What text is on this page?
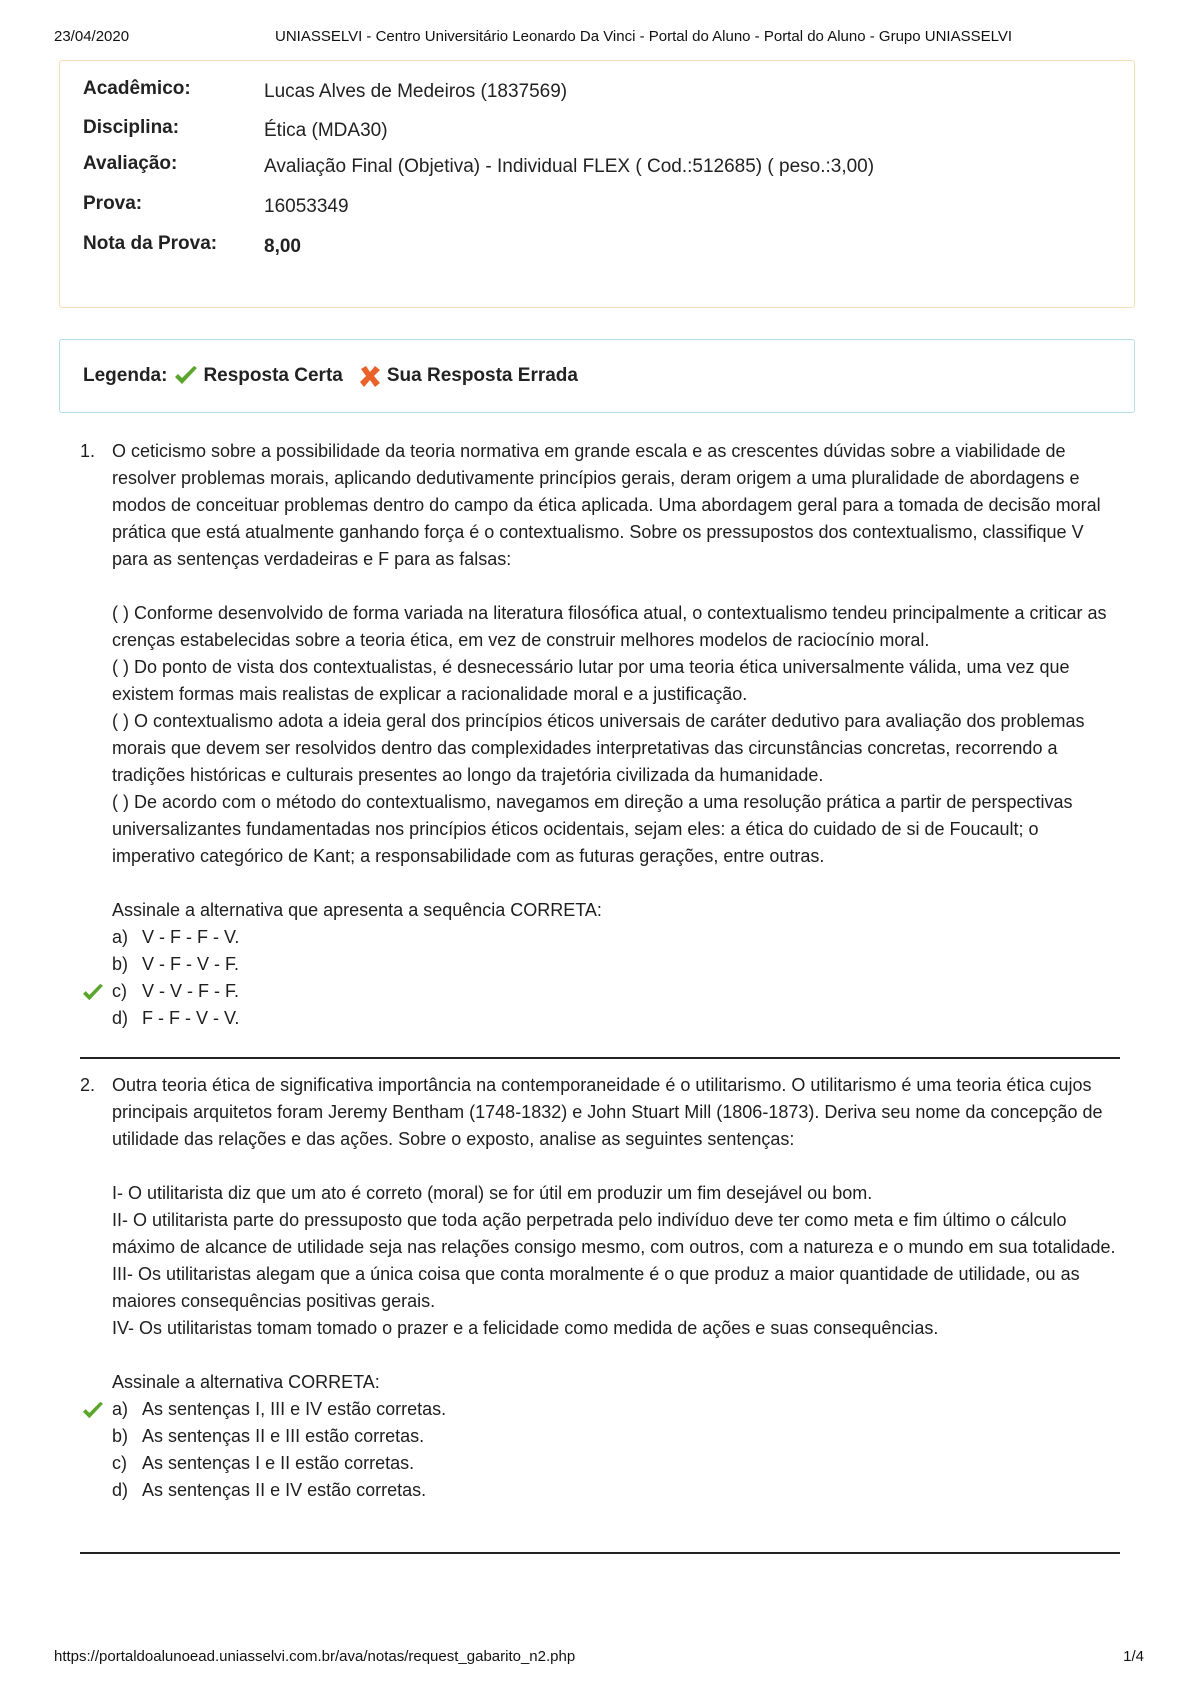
23/04/2020	UNIASSELVI - Centro Universitário Leonardo Da Vinci - Portal do Aluno - Portal do Aluno - Grupo UNIASSELVI
Acadêmico:	Lucas Alves de Medeiros (1837569)
Disciplina:	Ética (MDA30)
Avaliação:	Avaliação Final (Objetiva) - Individual FLEX ( Cod.:512685) ( peso.:3,00)
Prova:	16053349
Nota da Prova: 8,00
Legenda: Resposta Certa Sua Resposta Errada
1. O ceticismo sobre a possibilidade da teoria normativa em grande escala e as crescentes dúvidas sobre a viabilidade de resolver problemas morais, aplicando dedutivamente princípios gerais, deram origem a uma pluralidade de abordagens e modos de conceituar problemas dentro do campo da ética aplicada. Uma abordagem geral para a tomada de decisão moral prática que está atualmente ganhando força é o contextualismo. Sobre os pressupostos dos contextualismo, classifique V para as sentenças verdadeiras e F para as falsas:

( ) Conforme desenvolvido de forma variada na literatura filosófica atual, o contextualismo tendeu principalmente a criticar as crenças estabelecidas sobre a teoria ética, em vez de construir melhores modelos de raciocínio moral.

( ) Do ponto de vista dos contextualistas, é desnecessário lutar por uma teoria ética universalmente válida, uma vez que existem formas mais realistas de explicar a racionalidade moral e a justificação.

( ) O contextualismo adota a ideia geral dos princípios éticos universais de caráter dedutivo para avaliação dos problemas morais que devem ser resolvidos dentro das complexidades interpretativas das circunstâncias concretas, recorrendo a tradições históricas e culturais presentes ao longo da trajetória civilizada da humanidade.

( ) De acordo com o método do contextualismo, navegamos em direção a uma resolução prática a partir de perspectivas universalizantes fundamentadas nos princípios éticos ocidentais, sejam eles: a ética do cuidado de si de Foucault; o imperativo categórico de Kant; a responsabilidade com as futuras gerações, entre outras.

Assinale a alternativa que apresenta a sequência CORRETA:

a) V - F - F - V.
b) V - F - V - F.
c) V - V - F - F.
d) F - F - V - V.
2. Outra teoria ética de significativa importância na contemporaneidade é o utilitarismo. O utilitarismo é uma teoria ética cujos principais arquitetos foram Jeremy Bentham (1748-1832) e John Stuart Mill (1806-1873). Deriva seu nome da concepção de utilidade das relações e das ações. Sobre o exposto, analise as seguintes sentenças:

I- O utilitarista diz que um ato é correto (moral) se for útil em produzir um fim desejável ou bom.

II- O utilitarista parte do pressuposto que toda ação perpetrada pelo indivíduo deve ter como meta e fim último o cálculo máximo de alcance de utilidade seja nas relações consigo mesmo, com outros, com a natureza e o mundo em sua totalidade.

III- Os utilitaristas alegam que a única coisa que conta moralmente é o que produz a maior quantidade de utilidade, ou as maiores consequências positivas gerais.

IV- Os utilitaristas tomam tomado o prazer e a felicidade como medida de ações e suas consequências.

Assinale a alternativa CORRETA:

a) As sentenças I, III e IV estão corretas.
b) As sentenças II e III estão corretas.
c) As sentenças I e II estão corretas.
d) As sentenças II e IV estão corretas.
https://portaldoalunoead.uniasselvi.com.br/ava/notas/request_gabarito_n2.php	1/4
